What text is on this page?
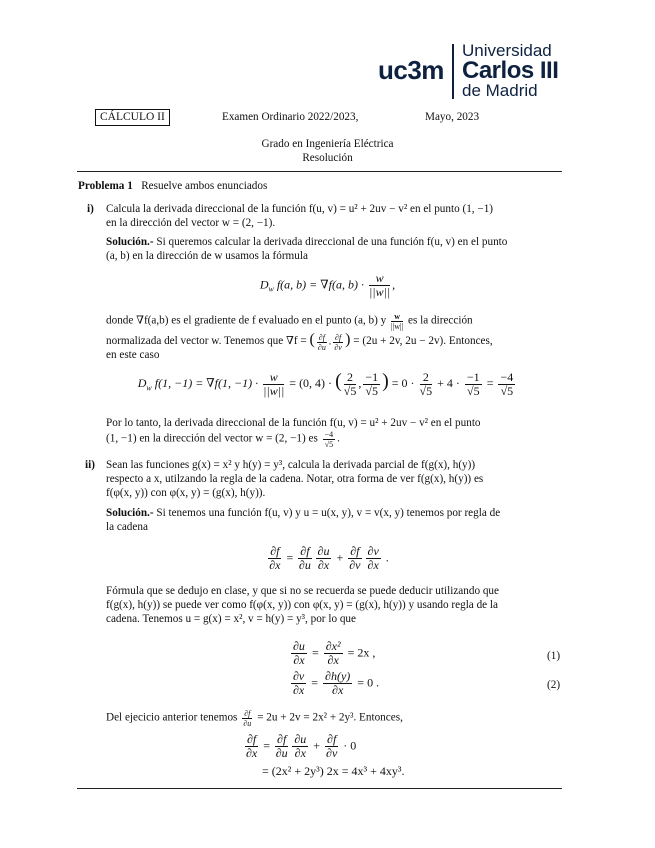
uc3m
Universidad
Carlos III
de Madrid
CÁLCULO II	Examen Ordinario 2022/2023,	Mayo, 2023
Grado en Ingeniería Eléctrica
Resolución
Problema 1 Resuelve ambos enunciados
i) Calcula la derivada direccional de la función f(u, v) = u² + 2uv − v² en el punto (1, −1)
en la dirección del vector w = (2, −1).
Solución.- Si queremos calcular la derivada direccional de una función f(u, v) en el punto
(a, b) en la dirección de w usamos la fórmula
$D_w$ f(a, b) = ∇f(a, $b) \cdot \frac{w}{||w||}$ ,
donde ∇f(a,b) es el gradiente de f evaluado en el punto (a, b) y $\frac{w}{||w||}$ es la dirección
normalizada del vector w. Tenemos que ∇f = ( $\frac{\partial f}{\partial u}$ , $\frac{\partial f}{\partial v}$ ) = (2u + 2v, 2u − 2v). Entonces,
en este caso
$D_w$ f(1, −1) = ∇f(1, $-1) \cdot \frac{w}{||w||} = (0$, 4) · ( $\frac{2}{√5}$ , $\frac{-1}{√5}$ ) = $0 \cdot \frac{2}{√5} + 4 \cdot \frac{-1}{√5} = \frac{-4}{√5}$
Por lo tanto, la derivada direccional de la función f(u, v) = u² + 2uv − v² en el punto
(1, −1) en la dirección del vector w = (2, −1) es $\frac{-4}{√5}$ .
ii) Sean las funciones g(x) = x² y h(y) = y³, calcula la derivada parcial de f(g(x), h(y))
respecto a x, utilzando la regla de la cadena. Notar, otra forma de ver f(g(x), h(y)) es
f(φ(x, y)) con φ(x, y) = (g(x), h(y)).
Solución.- Si tenemos una función f(u, v) y u = u(x, y), v = v(x, y) tenemos por regla de
la cadena
$\frac{\partial f}{\partial x} = \frac{\partial f}{\partial u} \frac{\partial u}{\partial x} + \frac{\partial f}{\partial v} \frac{\partial v}{\partial x}$ .
Fórmula que se dedujo en clase, y que si no se recuerda se puede deducir utilizando que
f(g(x), h(y)) se puede ver como f(φ(x, y)) con φ(x, y) = (g(x), h(y)) y usando regla de la
cadena. Tenemos u = g(x) = x², v = h(y) = y³, por lo que
$\frac{\partial u}{\partial x} = \frac{\text{∂x²}}{\partial x} = 2x$ ,	(1)
$\frac{\partial v}{\partial x} = \frac{\partial h(y)}{\partial x} = 0$ .	(2)
Del ejecicio anterior tenemos $\frac{\partial f}{\partial u} = 2u + 2v = 2x^2 + 2y^3$. Entonces,
$\frac{\partial f}{\partial x} = \frac{\partial f}{\partial u} \frac{\partial u}{\partial x} + \frac{\partial f}{\partial v} \cdot 0$
= (2x² + 2y³) 2x = 4x³ + 4xy³.
